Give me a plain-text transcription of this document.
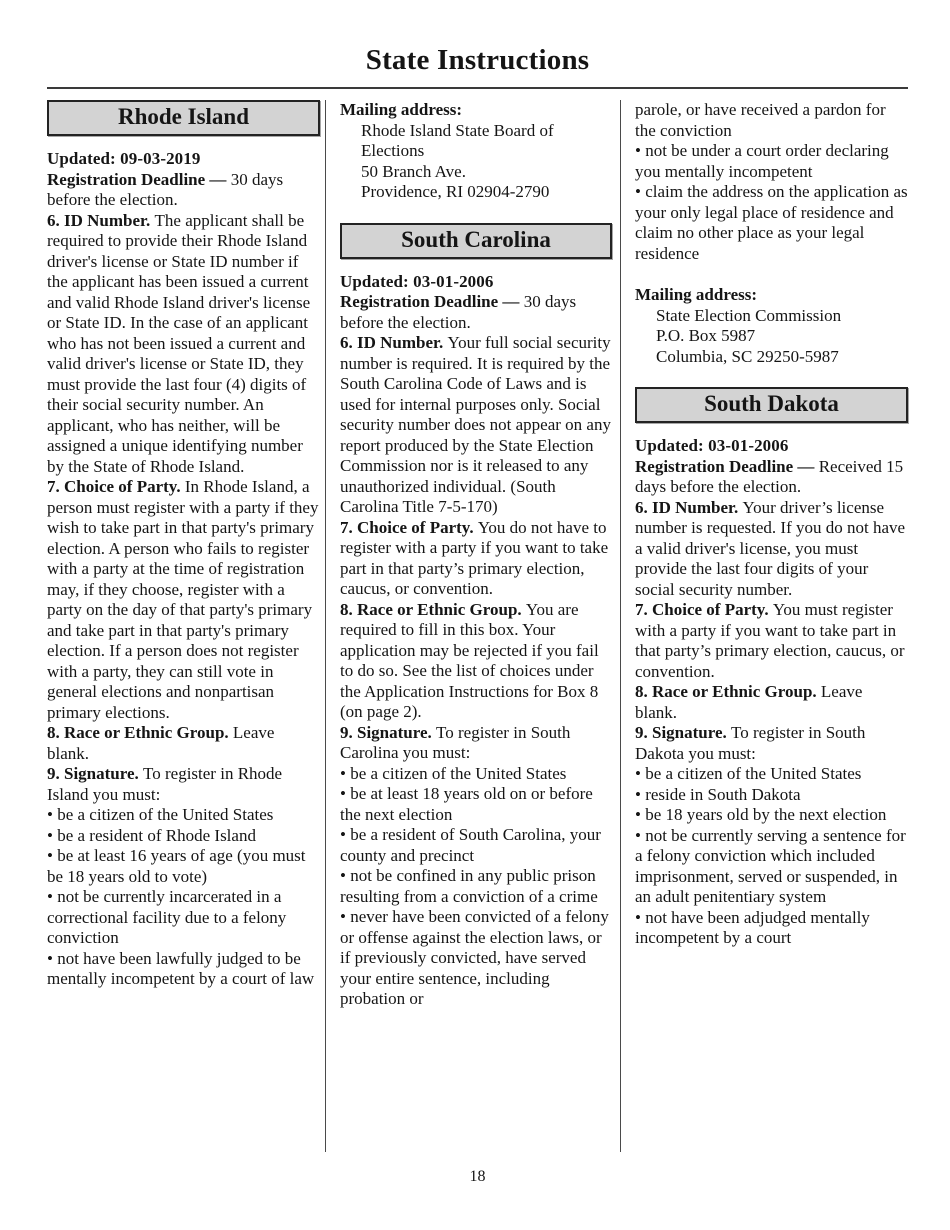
State Instructions
Rhode Island

Updated: 09-03-2019

Registration Deadline — 30 days before the election.

6. ID Number. The applicant shall be required to provide their Rhode Island driver's license or State ID number if the applicant has been issued a current and valid Rhode Island driver's license or State ID. In the case of an applicant who has not been issued a current and valid driver's license or State ID, they must provide the last four (4) digits of their social security number. An applicant, who has neither, will be assigned a unique identifying number by the State of Rhode Island.

7. Choice of Party. In Rhode Island, a person must register with a party if they wish to take part in that party's primary election. A person who fails to register with a party at the time of registration may, if they choose, register with a party on the day of that party's primary and take part in that party's primary election. If a person does not register with a party, they can still vote in general elections and nonpartisan primary elections.

8. Race or Ethnic Group. Leave blank.

9. Signature. To register in Rhode Island you must:

• be a citizen of the United States

• be a resident of Rhode Island

• be at least 16 years of age (you must be 18 years old to vote)

• not be currently incarcerated in a correctional facility due to a felony conviction

• not have been lawfully judged to be mentally incompetent by a court of law

Mailing address:

Rhode Island State Board of Elections

50 Branch Ave.

Providence, RI 02904-2790

South Carolina

Updated: 03-01-2006

Registration Deadline — 30 days before the election.

6. ID Number. Your full social security number is required. It is required by the South Carolina Code of Laws and is used for internal purposes only. Social security number does not appear on any report produced by the State Election Commission nor is it released to any unauthorized individual. (South Carolina Title 7-5-170)

7. Choice of Party. You do not have to register with a party if you want to take part in that party’s primary election, caucus, or convention.

8. Race or Ethnic Group. You are required to fill in this box. Your application may be rejected if you fail to do so. See the list of choices under the Application Instructions for Box 8 (on page 2).

9. Signature. To register in South Carolina you must:

• be a citizen of the United States

• be at least 18 years old on or before the next election

• be a resident of South Carolina, your county and precinct

• not be confined in any public prison resulting from a conviction of a crime

• never have been convicted of a felony or offense against the election laws, or if previously convicted, have served your entire sentence, including probation or

parole, or have received a pardon for the conviction

• not be under a court order declaring you mentally incompetent

• claim the address on the application as your only legal place of residence and claim no other place as your legal residence

Mailing address:

State Election Commission

P.O. Box 5987

Columbia, SC 29250-5987

South Dakota

Updated: 03-01-2006

Registration Deadline — Received 15 days before the election.

6. ID Number. Your driver’s license number is requested. If you do not have a valid driver's license, you must provide the last four digits of your social security number.

7. Choice of Party. You must register with a party if you want to take part in that party’s primary election, caucus, or convention.

8. Race or Ethnic Group. Leave blank.

9. Signature. To register in South Dakota you must:

• be a citizen of the United States

• reside in South Dakota

• be 18 years old by the next election

• not be currently serving a sentence for a felony conviction which included imprisonment, served or suspended, in an adult penitentiary system

• not have been adjudged mentally incompetent by a court

18
